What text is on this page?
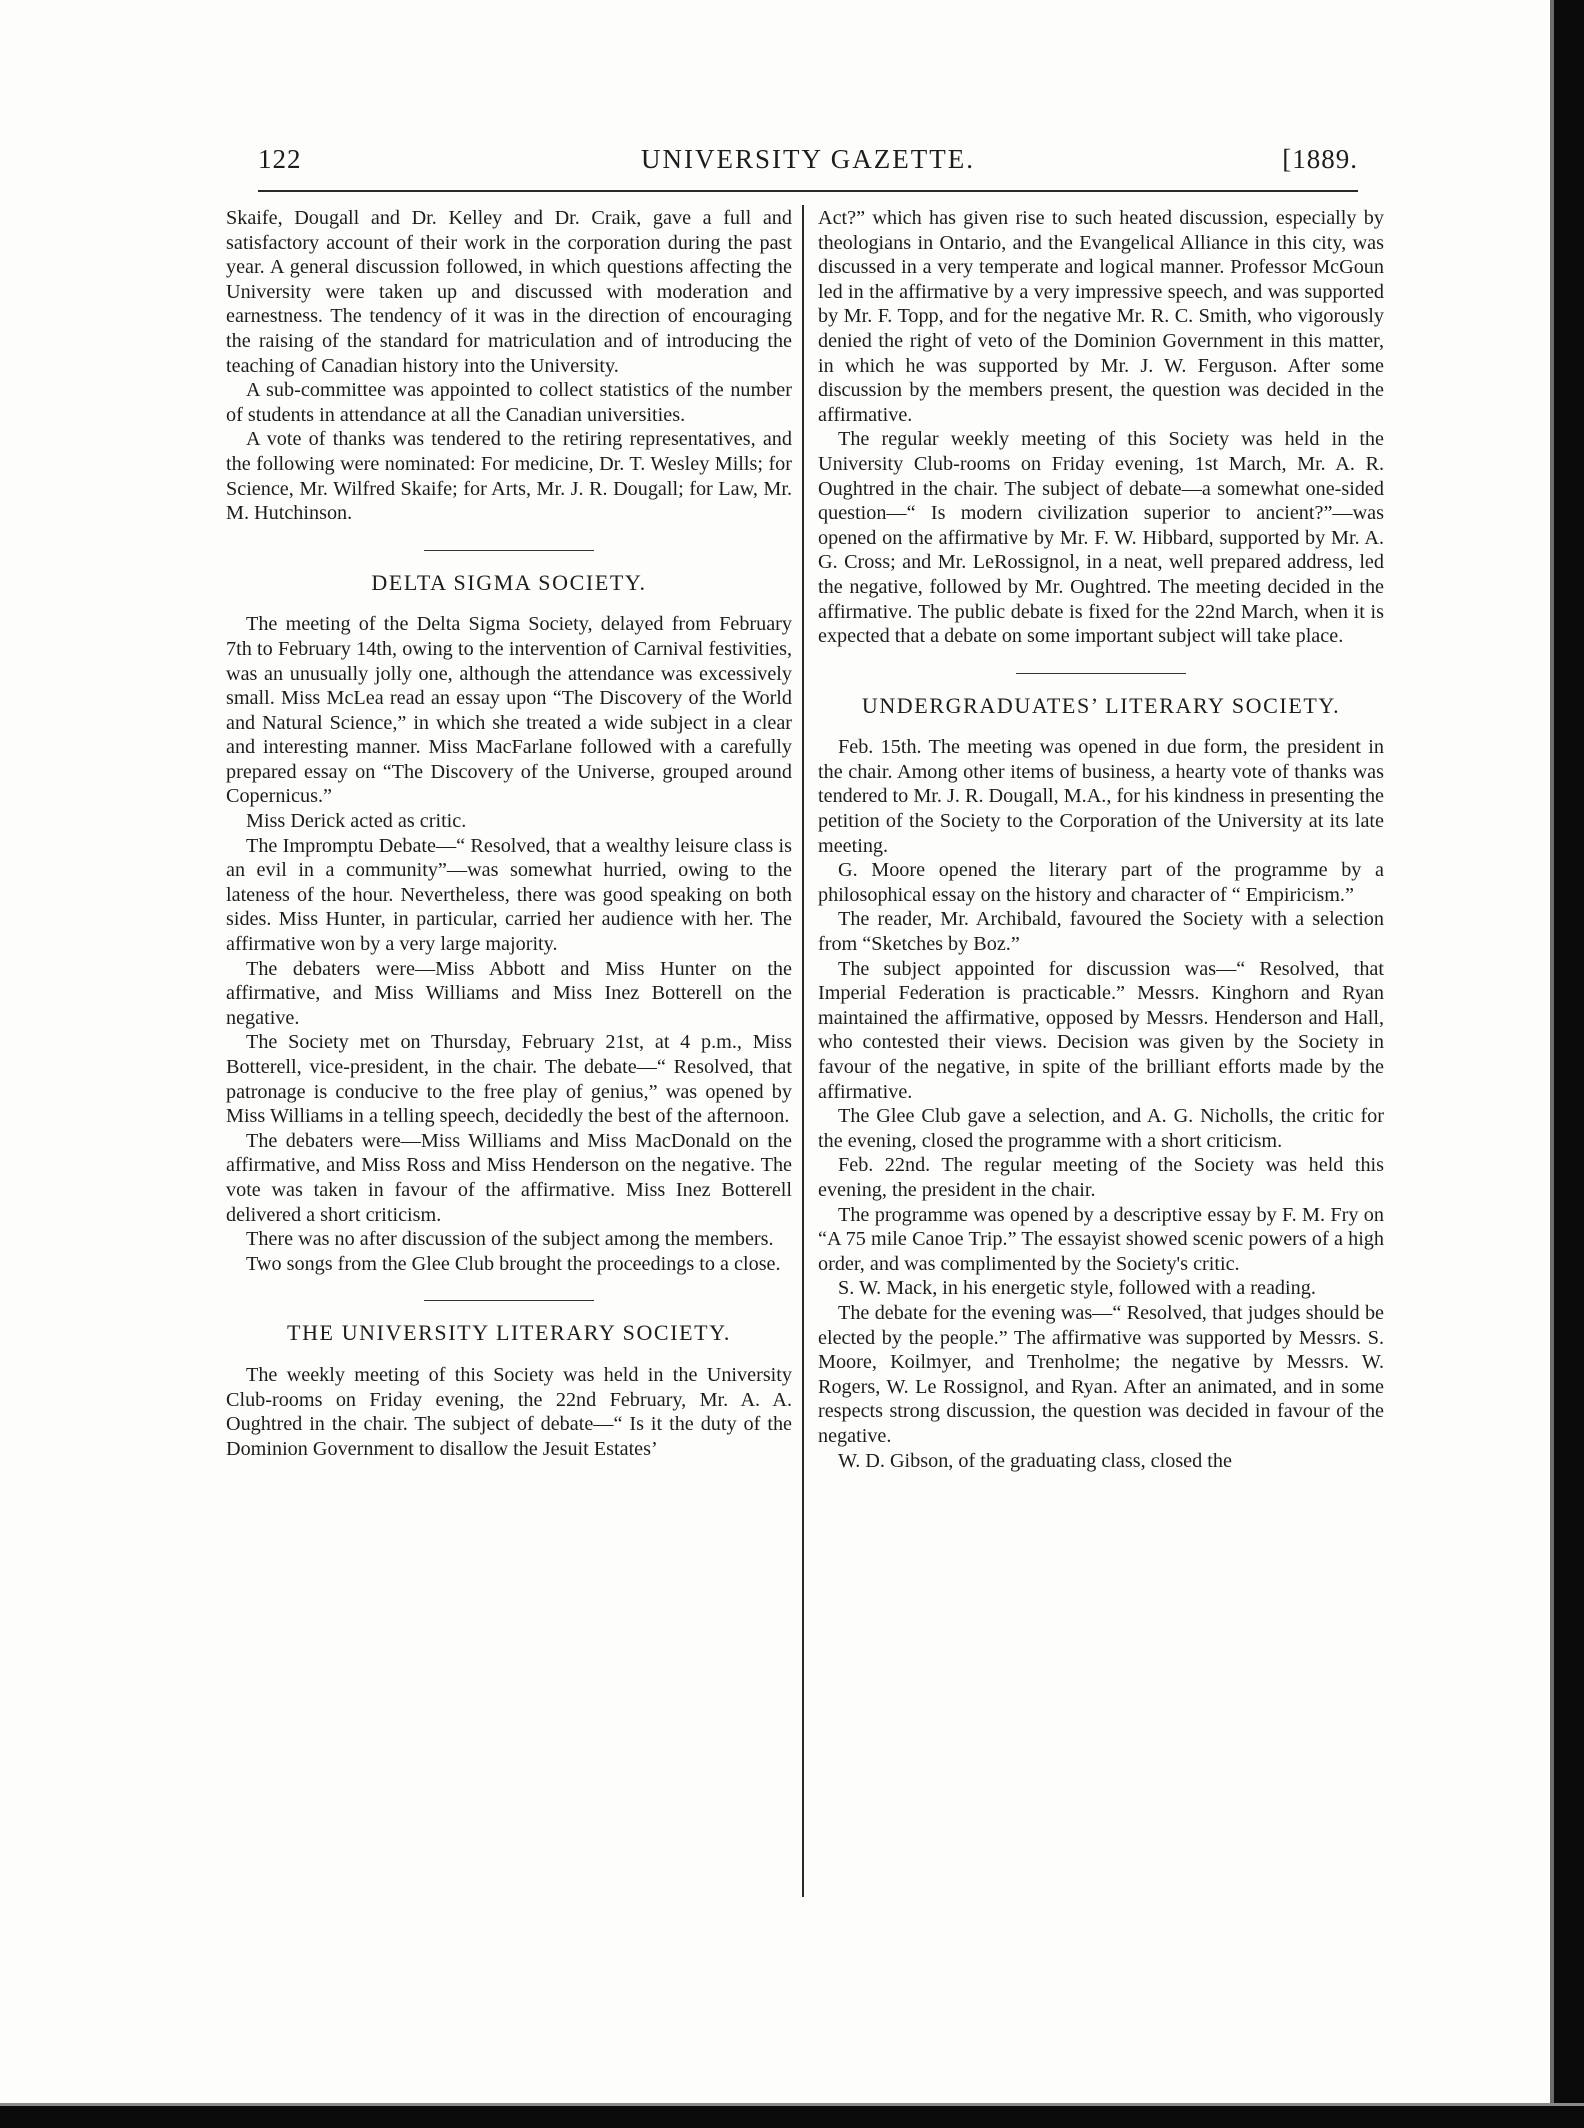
122	UNIVERSITY GAZETTE.	[1889.

Skaife, Dougall and Dr. Kelley and Dr. Craik, gave a full and satisfactory account of their work in the corporation during the past year. A general discussion followed, in which questions affecting the University were taken up and discussed with moderation and earnestness. The tendency of it was in the direction of encouraging the raising of the standard for matriculation and of introducing the teaching of Canadian history into the University.

A sub-committee was appointed to collect statistics of the number of students in attendance at all the Canadian universities.

A vote of thanks was tendered to the retiring representatives, and the following were nominated: For medicine, Dr. T. Wesley Mills; for Science, Mr. Wilfred Skaife; for Arts, Mr. J. R. Dougall; for Law, Mr. M. Hutchinson.

DELTA SIGMA SOCIETY.

The meeting of the Delta Sigma Society, delayed from February 7th to February 14th, owing to the intervention of Carnival festivities, was an unusually jolly one, although the attendance was excessively small. Miss McLea read an essay upon “The Discovery of the World and Natural Science,” in which she treated a wide subject in a clear and interesting manner. Miss MacFarlane followed with a carefully prepared essay on “The Discovery of the Universe, grouped around Copernicus.”

Miss Derick acted as critic.

The Impromptu Debate—“ Resolved, that a wealthy leisure class is an evil in a community”—was somewhat hurried, owing to the lateness of the hour. Nevertheless, there was good speaking on both sides. Miss Hunter, in particular, carried her audience with her. The affirmative won by a very large majority.

The debaters were—Miss Abbott and Miss Hunter on the affirmative, and Miss Williams and Miss Inez Botterell on the negative.

The Society met on Thursday, February 21st, at 4 p.m., Miss Botterell, vice-president, in the chair. The debate—“ Resolved, that patronage is conducive to the free play of genius,” was opened by Miss Williams in a telling speech, decidedly the best of the afternoon.

The debaters were—Miss Williams and Miss MacDonald on the affirmative, and Miss Ross and Miss Henderson on the negative. The vote was taken in favour of the affirmative. Miss Inez Botterell delivered a short criticism.

There was no after discussion of the subject among the members.

Two songs from the Glee Club brought the proceedings to a close.

THE UNIVERSITY LITERARY SOCIETY.

The weekly meeting of this Society was held in the University Club-rooms on Friday evening, the 22nd February, Mr. A. A. Oughtred in the chair. The subject of debate—“ Is it the duty of the Dominion Government to disallow the Jesuit Estates’

Act?” which has given rise to such heated discussion, especially by theologians in Ontario, and the Evangelical Alliance in this city, was discussed in a very temperate and logical manner. Professor McGoun led in the affirmative by a very impressive speech, and was supported by Mr. F. Topp, and for the negative Mr. R. C. Smith, who vigorously denied the right of veto of the Dominion Government in this matter, in which he was supported by Mr. J. W. Ferguson. After some discussion by the members present, the question was decided in the affirmative.

The regular weekly meeting of this Society was held in the University Club-rooms on Friday evening, 1st March, Mr. A. R. Oughtred in the chair. The subject of debate—a somewhat one-sided question—“ Is modern civilization superior to ancient?”—was opened on the affirmative by Mr. F. W. Hibbard, supported by Mr. A. G. Cross; and Mr. LeRossignol, in a neat, well prepared address, led the negative, followed by Mr. Oughtred. The meeting decided in the affirmative. The public debate is fixed for the 22nd March, when it is expected that a debate on some important subject will take place.

UNDERGRADUATES’ LITERARY SOCIETY.

Feb. 15th. The meeting was opened in due form, the president in the chair. Among other items of business, a hearty vote of thanks was tendered to Mr. J. R. Dougall, M.A., for his kindness in presenting the petition of the Society to the Corporation of the University at its late meeting.

G. Moore opened the literary part of the programme by a philosophical essay on the history and character of “ Empiricism.”

The reader, Mr. Archibald, favoured the Society with a selection from “Sketches by Boz.”

The subject appointed for discussion was—“ Resolved, that Imperial Federation is practicable.” Messrs. Kinghorn and Ryan maintained the affirmative, opposed by Messrs. Henderson and Hall, who contested their views. Decision was given by the Society in favour of the negative, in spite of the brilliant efforts made by the affirmative.

The Glee Club gave a selection, and A. G. Nicholls, the critic for the evening, closed the programme with a short criticism.

Feb. 22nd. The regular meeting of the Society was held this evening, the president in the chair.

The programme was opened by a descriptive essay by F. M. Fry on “A 75 mile Canoe Trip.” The essayist showed scenic powers of a high order, and was complimented by the Society's critic.

S. W. Mack, in his energetic style, followed with a reading.

The debate for the evening was—“ Resolved, that judges should be elected by the people.” The affirmative was supported by Messrs. S. Moore, Koilmyer, and Trenholme; the negative by Messrs. W. Rogers, W. Le Rossignol, and Ryan. After an animated, and in some respects strong discussion, the question was decided in favour of the negative.

W. D. Gibson, of the graduating class, closed the
